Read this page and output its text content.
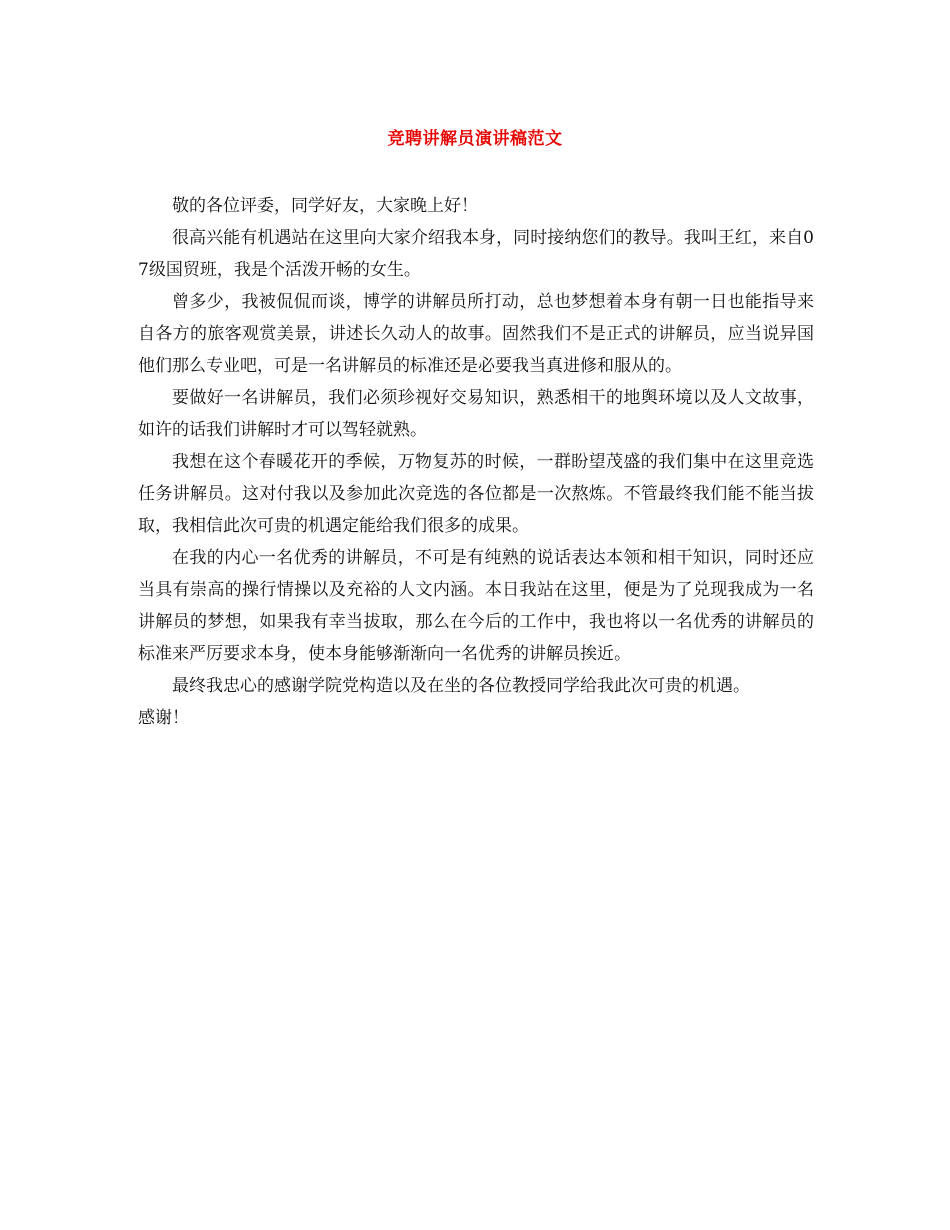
竞聘讲解员演讲稿范文

敬的各位评委，同学好友，大家晚上好！

很高兴能有机遇站在这里向大家介绍我本身，同时接纳您们的教导。我叫王红，来自07级国贸班，我是个活泼开畅的女生。

曾多少，我被侃侃而谈，博学的讲解员所打动，总也梦想着本身有朝一日也能指导来自各方的旅客观赏美景，讲述长久动人的故事。固然我们不是正式的讲解员，应当说异国他们那么专业吧，可是一名讲解员的标准还是必要我当真进修和服从的。

要做好一名讲解员，我们必须珍视好交易知识，熟悉相干的地舆环境以及人文故事，如许的话我们讲解时才可以驾轻就熟。

我想在这个春暖花开的季候，万物复苏的时候，一群盼望茂盛的我们集中在这里竞选任务讲解员。这对付我以及参加此次竞选的各位都是一次熬炼。不管最终我们能不能当拔取，我相信此次可贵的机遇定能给我们很多的成果。

在我的内心一名优秀的讲解员，不可是有纯熟的说话表达本领和相干知识，同时还应当具有崇高的操行情操以及充裕的人文内涵。本日我站在这里，便是为了兑现我成为一名讲解员的梦想，如果我有幸当拔取，那么在今后的工作中，我也将以一名优秀的讲解员的标准来严厉要求本身，使本身能够渐渐向一名优秀的讲解员挨近。

最终我忠心的感谢学院党构造以及在坐的各位教授同学给我此次可贵的机遇。

感谢！
